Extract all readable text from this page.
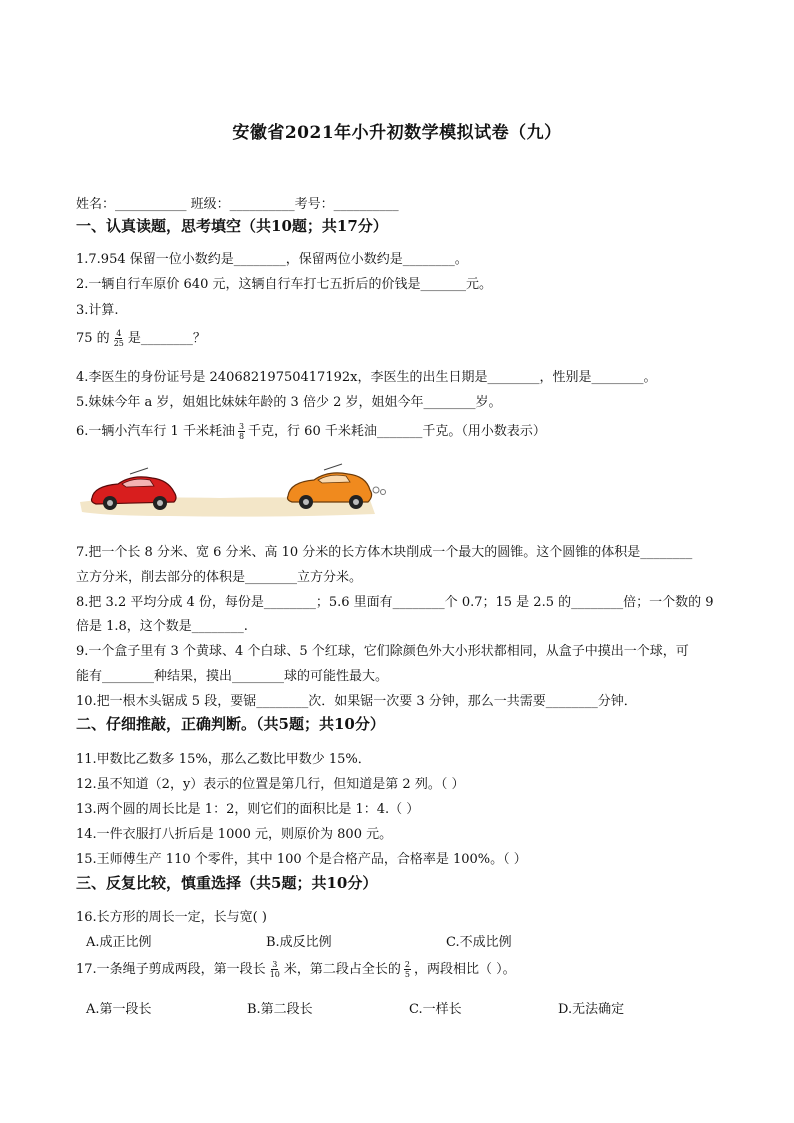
安徽省2021年小升初数学模拟试卷（九）
姓名：___________ 班级：__________考号：__________
一、认真读题，思考填空（共10题；共17分）
1.7.954 保留一位小数约是________，保留两位小数约是________。
2.一辆自行车原价 640 元，这辆自行车打七五折后的价钱是_______元。
3.计算.
75 的 $\frac{4}{25}$ 是________？
4.李医生的身份证号是 24068219750417192x，李医生的出生日期是________，性别是________。
5.妹妹今年 a 岁，姐姐比妹妹年龄的 3 倍少 2 岁，姐姐今年________岁。
6.一辆小汽车行 1 千米耗油 $\frac{3}{8}$ 千克，行 60 千米耗油_______千克。（用小数表示）
7.把一个长 8 分米、宽 6 分米、高 10 分米的长方体木块削成一个最大的圆锥。这个圆锥的体积是________
立方分米，削去部分的体积是________立方分米。
8.把 3.2 平均分成 4 份，每份是________；5.6 里面有________个 0.7；15 是 2.5 的________倍；一个数的 9
倍是 1.8，这个数是________.
9.一个盒子里有 3 个黄球、4 个白球、5 个红球，它们除颜色外大小形状都相同，从盒子中摸出一个球，可
能有________种结果，摸出________球的可能性最大。
10.把一根木头锯成 5 段，要锯________次．如果锯一次要 3 分钟，那么一共需要________分钟．
二、仔细推敲，正确判断。（共5题；共10分）
11.甲数比乙数多 15%，那么乙数比甲数少 15%．
12.虽不知道（2，y）表示的位置是第几行，但知道是第 2 列。（ ）
13.两个圆的周长比是 1：2，则它们的面积比是 1：4.（ ）
14.一件衣服打八折后是 1000 元，则原价为 800 元。
15.王师傅生产 110 个零件，其中 100 个是合格产品，合格率是 100%。（ ）
三、反复比较，慎重选择（共5题；共10分）
16.长方形的周长一定，长与宽( )
A.成正比例	B.成反比例	C.不成比例
17.一条绳子剪成两段，第一段长 $\frac{3}{10}$ 米，第二段占全长的 $\frac{2}{5}$ ，两段相比（ ）。
A.第一段长	B.第二段长	C.一样长	D.无法确定
